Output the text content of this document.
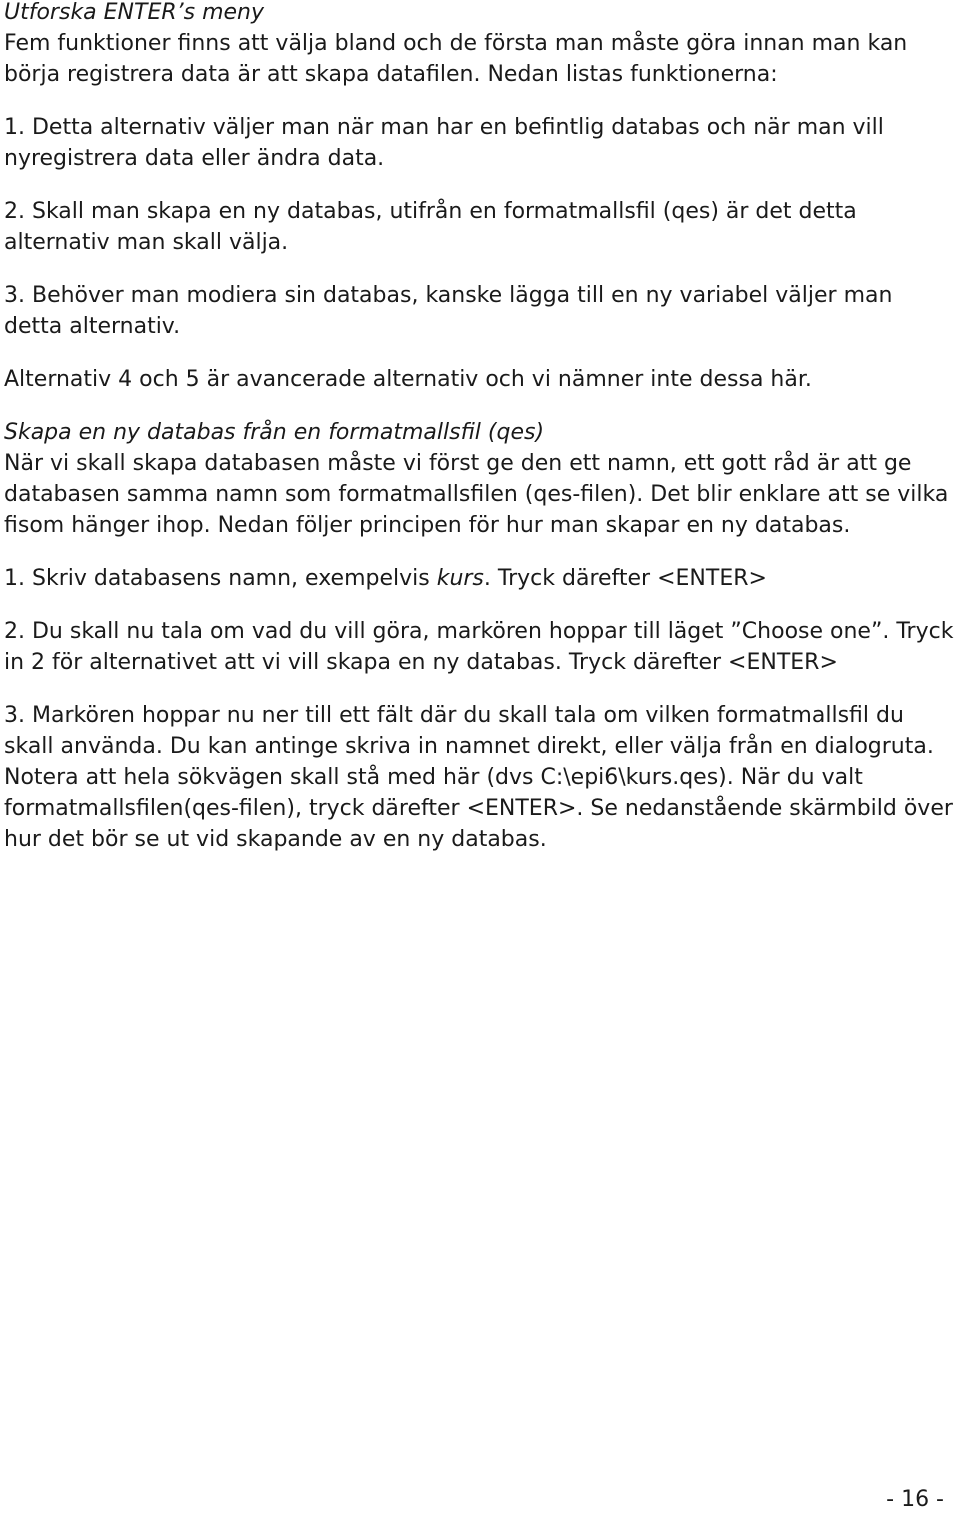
Utforska ENTER’s meny

Fem funktioner finns att välja bland och de första man måste göra innan man kan börja registrera data är att skapa datafilen. Nedan listas funktionerna:

1. Detta alternativ väljer man när man har en befintlig databas och när man vill nyregistrera data eller ändra data.

2. Skall man skapa en ny databas, utifrån en formatmallsfil (qes) är det detta alternativ man skall välja.

3. Behöver man modiera sin databas, kanske lägga till en ny variabel väljer man detta alternativ.

Alternativ 4 och 5 är avancerade alternativ och vi nämner inte dessa här.

Skapa en ny databas från en formatmallsfil (qes)

När vi skall skapa databasen måste vi först ge den ett namn, ett gott råd är att ge databasen samma namn som formatmallsfilen (qes-filen). Det blir enklare att se vilka fisom hänger ihop. Nedan följer principen för hur man skapar en ny databas.

1. Skriv databasens namn, exempelvis kurs. Tryck därefter <ENTER>

2. Du skall nu tala om vad du vill göra, markören hoppar till läget ”Choose one”. Tryck in 2 för alternativet att vi vill skapa en ny databas. Tryck därefter <ENTER>

3. Markören hoppar nu ner till ett fält där du skall tala om vilken formatmallsfil du skall använda. Du kan antinge skriva in namnet direkt, eller välja från en dialogruta. Notera att hela sökvägen skall stå med här (dvs C:\epi6\kurs.qes). När du valt formatmallsfilen(qes-filen), tryck därefter <ENTER>. Se nedanstående skärmbild över hur det bör se ut vid skapande av en ny databas.

- 16 -
